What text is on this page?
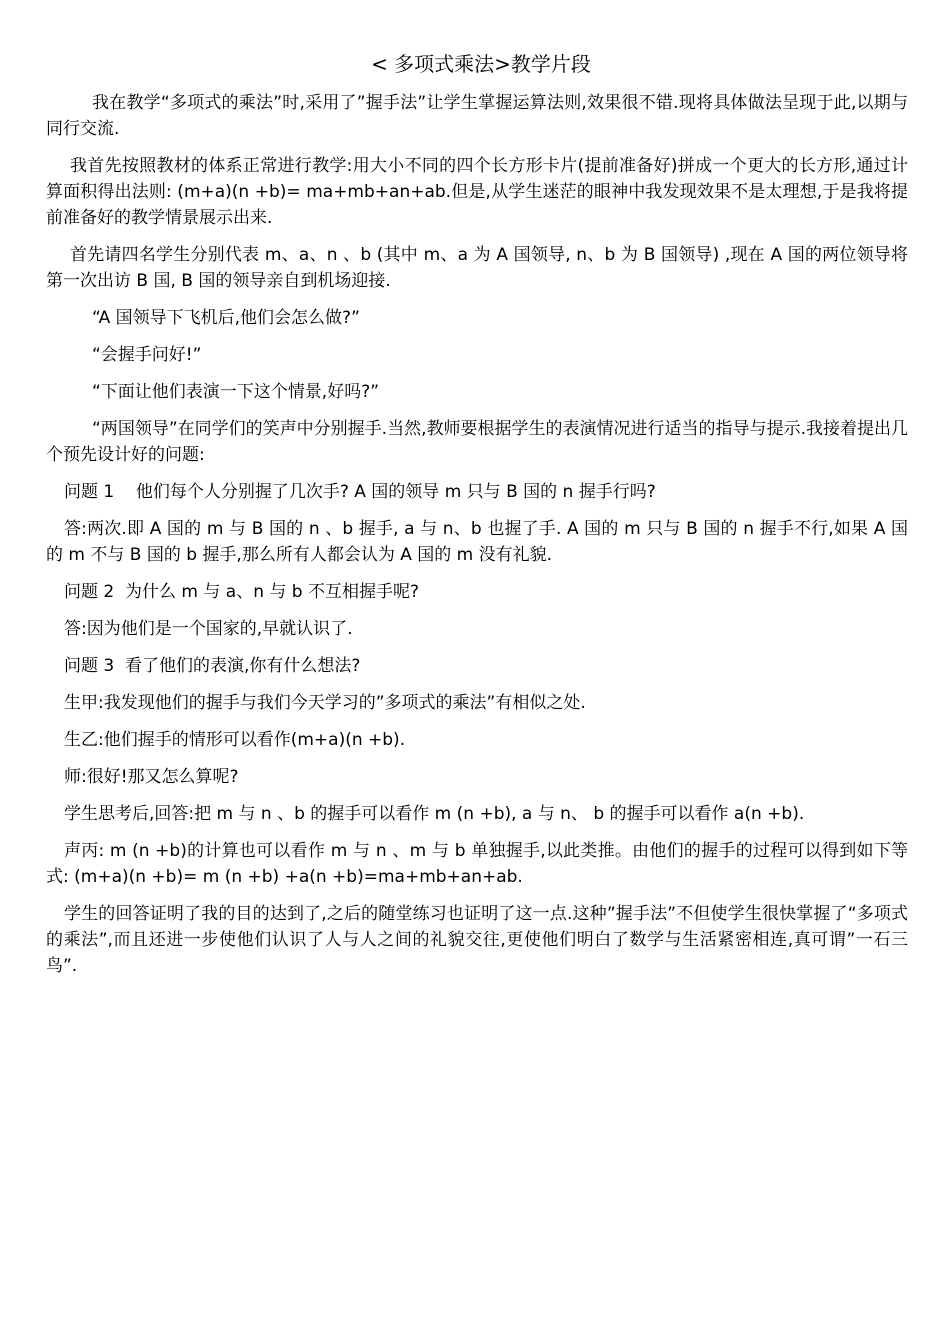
< 多项式乘法>教学片段

我在教学“多项式的乘法”时,采用了”握手法”让学生掌握运算法则,效果很不错.现将具体做法呈现于此,以期与同行交流.

我首先按照教材的体系正常进行教学:用大小不同的四个长方形卡片(提前准备好)拼成一个更大的长方形,通过计算面积得出法则: (m+a)(n +b)= ma+mb+an+ab.但是,从学生迷茫的眼神中我发现效果不是太理想,于是我将提前准备好的教学情景展示出来.

首先请四名学生分别代表 m、a、n 、b (其中 m、a 为 A 国领导, n、b 为 B 国领导) ,现在 A 国的两位领导将第一次出访 B 国, B 国的领导亲自到机场迎接.

“A 国领导下飞机后,他们会怎么做?”

“会握手问好!”

“下面让他们表演一下这个情景,好吗?”

“两国领导”在同学们的笑声中分别握手.当然,教师要根据学生的表演情况进行适当的指导与提示.我接着提出几个预先设计好的问题:

问题 1    他们每个人分别握了几次手? A 国的领导 m 只与 B 国的 n 握手行吗?

答:两次.即 A 国的 m 与 B 国的 n 、b 握手, a 与 n、b 也握了手. A 国的 m 只与 B 国的 n 握手不行,如果 A 国的 m 不与 B 国的 b 握手,那么所有人都会认为 A 国的 m 没有礼貌.

问题 2  为什么 m 与 a、n 与 b 不互相握手呢?

答:因为他们是一个国家的,早就认识了.

问题 3  看了他们的表演,你有什么想法?

生甲:我发现他们的握手与我们今天学习的”多项式的乘法”有相似之处.

生乙:他们握手的情形可以看作(m+a)(n +b).

师:很好!那又怎么算呢?

学生思考后,回答:把 m 与 n 、b 的握手可以看作 m (n +b), a 与 n、 b 的握手可以看作 a(n +b).

声丙: m (n +b)的计算也可以看作 m 与 n 、m 与 b 单独握手,以此类推。由他们的握手的过程可以得到如下等式: (m+a)(n +b)= m (n +b) +a(n +b)=ma+mb+an+ab.

学生的回答证明了我的目的达到了,之后的随堂练习也证明了这一点.这种”握手法”不但使学生很快掌握了“多项式的乘法”,而且还进一步使他们认识了人与人之间的礼貌交往,更使他们明白了数学与生活紧密相连,真可谓”一石三鸟”.
